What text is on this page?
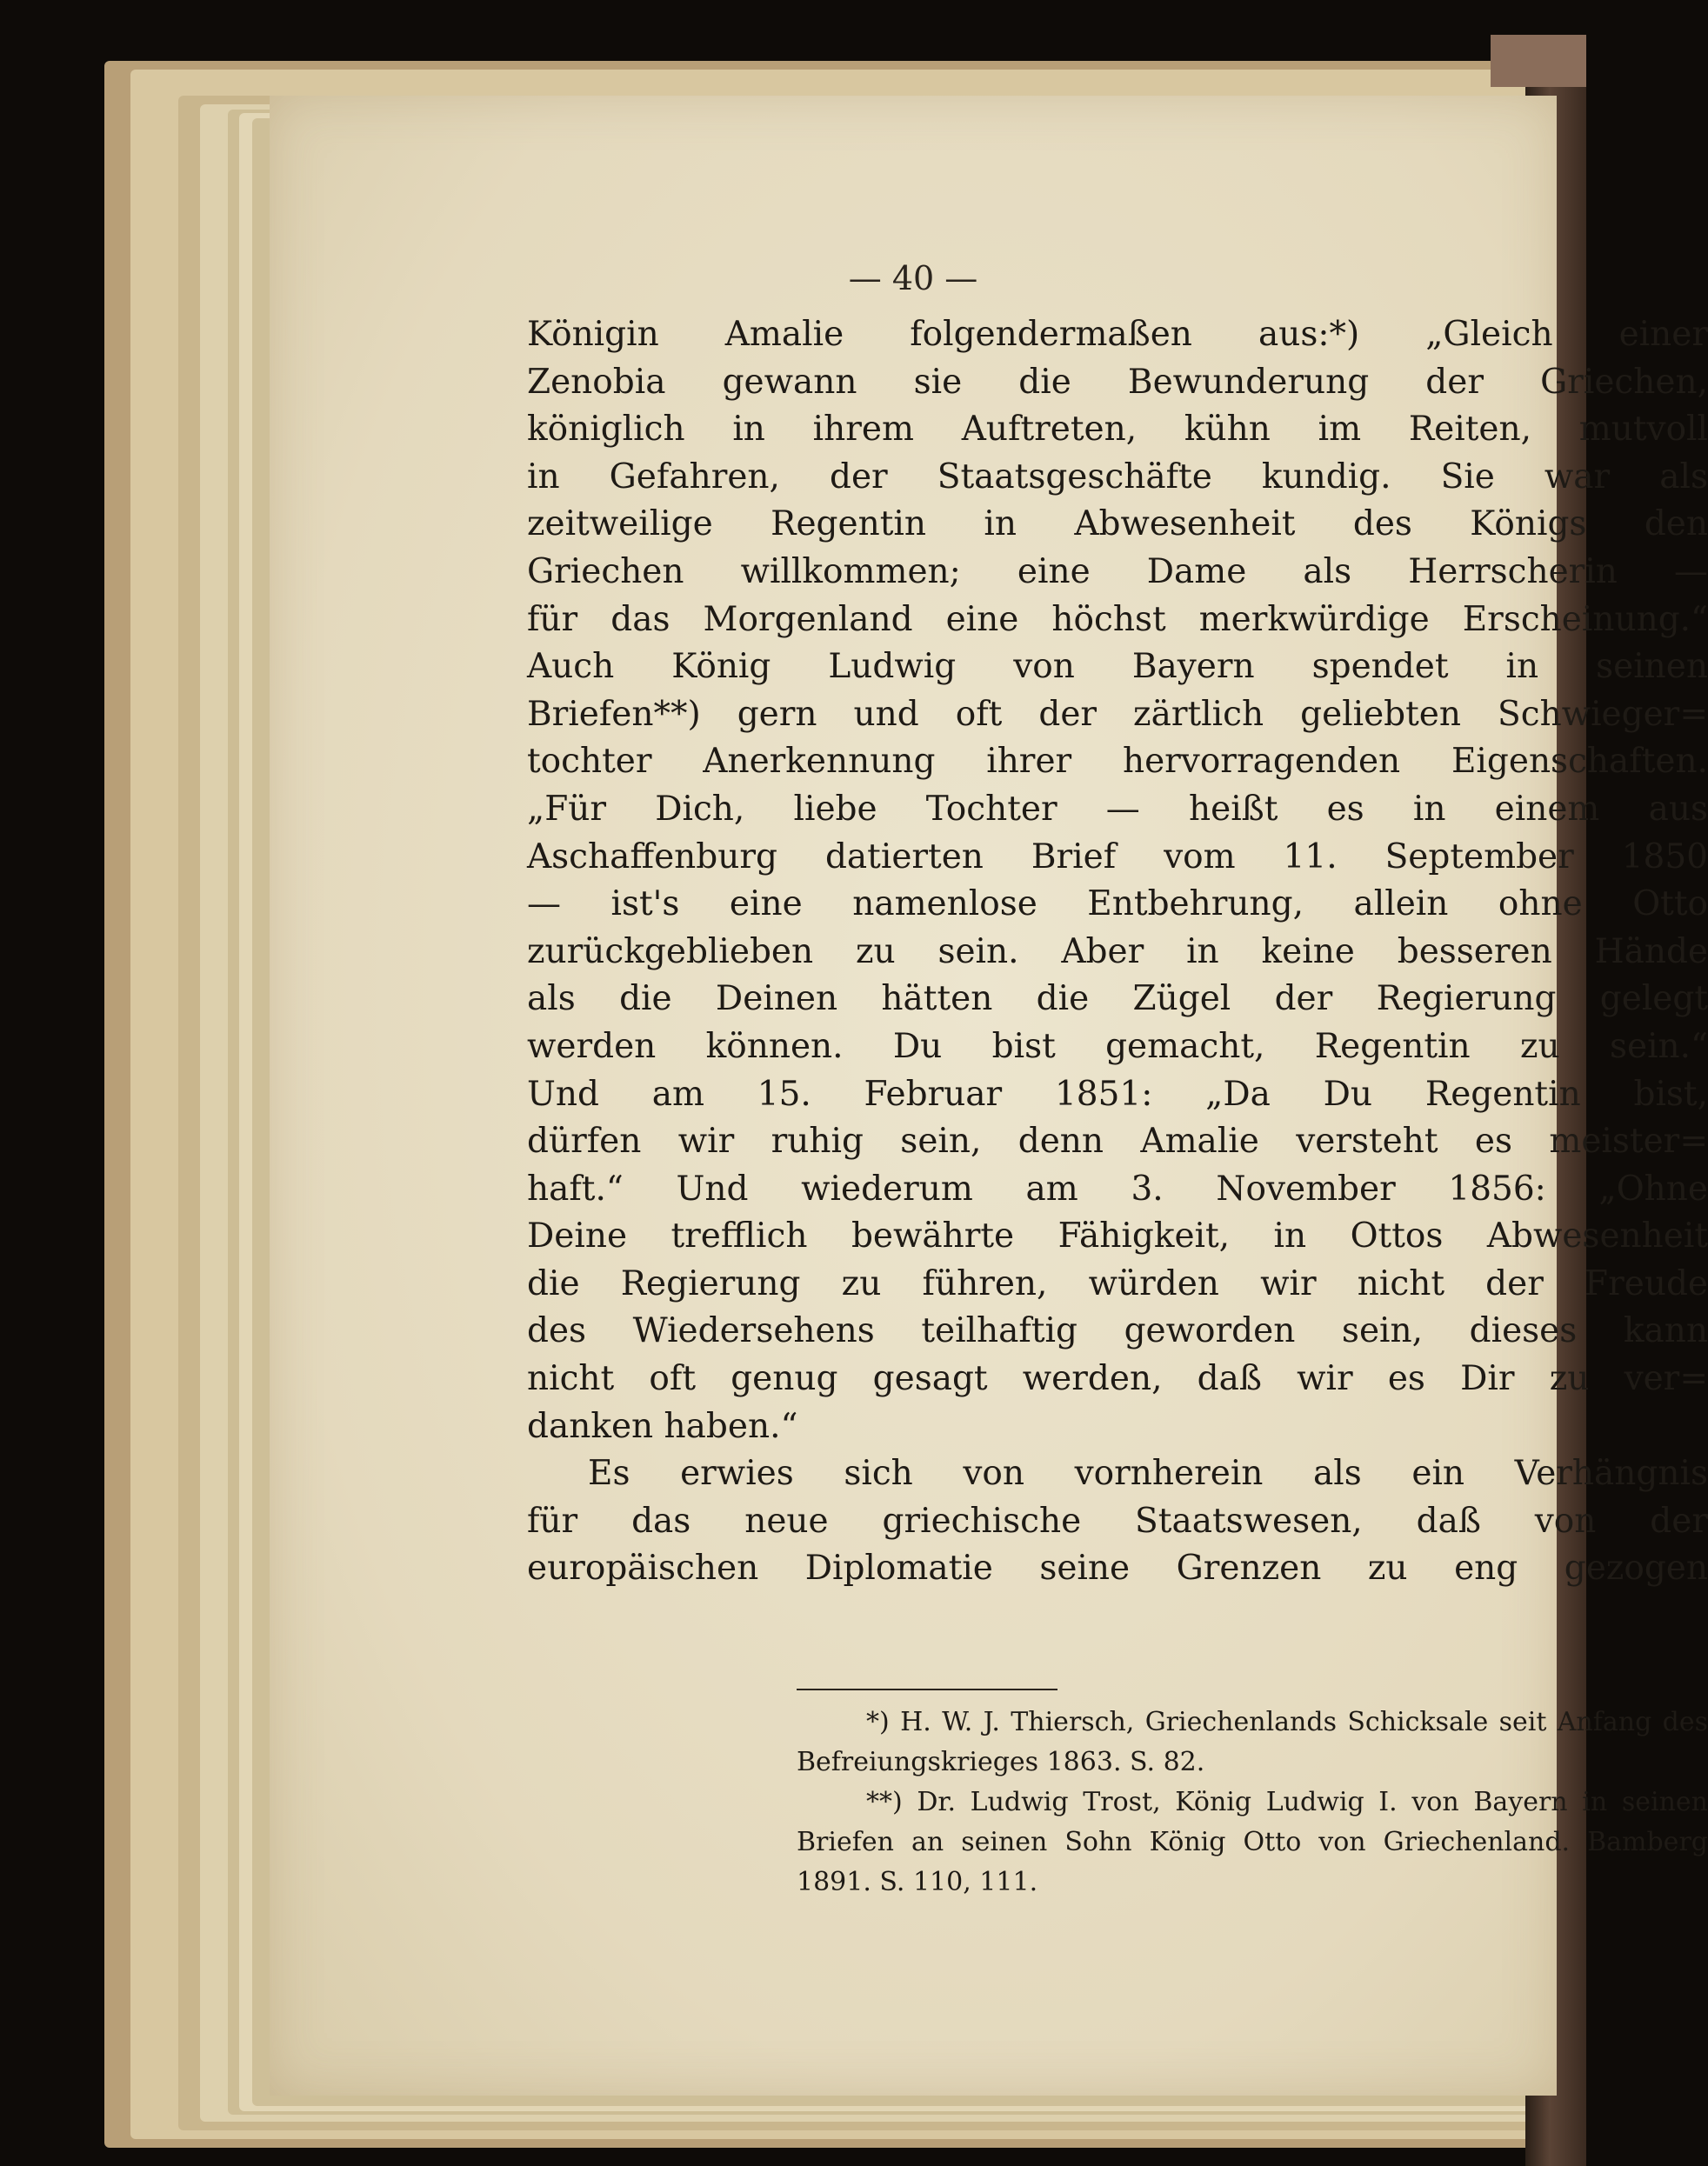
— 40 —
Königin Amalie folgendermaßen aus:*) „Gleich einer
Zenobia gewann sie die Bewunderung der Griechen,
königlich in ihrem Auftreten, kühn im Reiten, mutvoll
in Gefahren, der Staatsgeschäfte kundig. Sie war als
zeitweilige Regentin in Abwesenheit des Königs den
Griechen willkommen; eine Dame als Herrscherin —
für das Morgenland eine höchst merkwürdige Erscheinung.“
Auch König Ludwig von Bayern spendet in seinen
Briefen**) gern und oft der zärtlich geliebten Schwieger=
tochter Anerkennung ihrer hervorragenden Eigenschaften.
„Für Dich, liebe Tochter — heißt es in einem aus
Aschaffenburg datierten Brief vom 11. September 1850
— ist's eine namenlose Entbehrung, allein ohne Otto
zurückgeblieben zu sein. Aber in keine besseren Hände
als die Deinen hätten die Zügel der Regierung gelegt
werden können. Du bist gemacht, Regentin zu sein.“
Und am 15. Februar 1851: „Da Du Regentin bist,
dürfen wir ruhig sein, denn Amalie versteht es meister=
haft.“ Und wiederum am 3. November 1856: „Ohne
Deine trefflich bewährte Fähigkeit, in Ottos Abwesenheit
die Regierung zu führen, würden wir nicht der Freude
des Wiedersehens teilhaftig geworden sein, dieses kann
nicht oft genug gesagt werden, daß wir es Dir zu ver=
danken haben.“
Es erwies sich von vornherein als ein Verhängnis
für das neue griechische Staatswesen, daß von der
europäischen Diplomatie seine Grenzen zu eng gezogen
*) H. W. J. Thiersch, Griechenlands Schicksale seit Anfang des
Befreiungskrieges 1863. S. 82.
**) Dr. Ludwig Trost, König Ludwig I. von Bayern in seinen
Briefen an seinen Sohn König Otto von Griechenland. Bamberg
1891. S. 110, 111.
